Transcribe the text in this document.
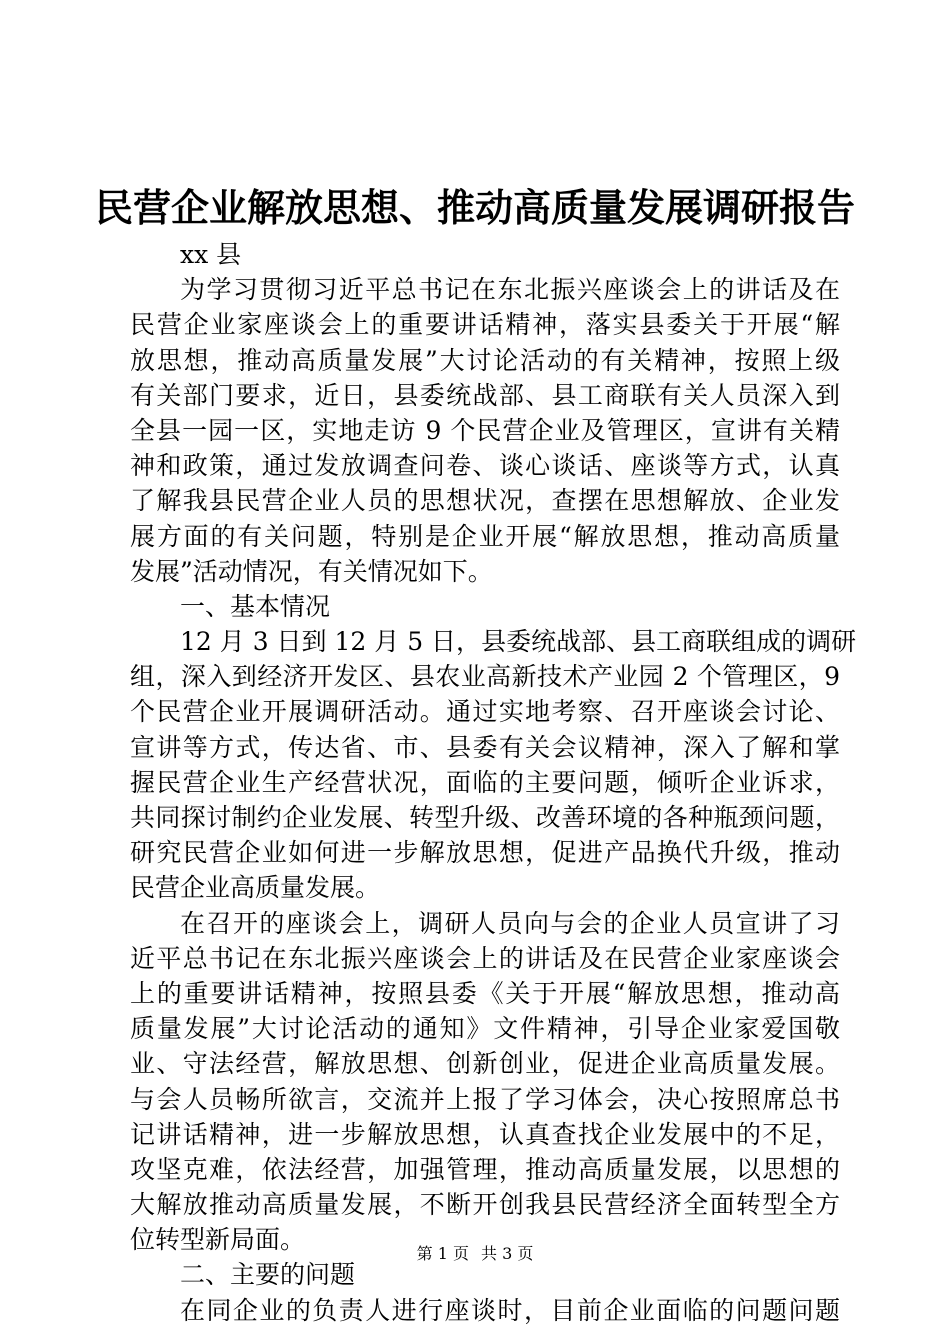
民营企业解放思想、推动高质量发展调研报告
xx 县
为学习贯彻习近平总书记在东北振兴座谈会上的讲话及在
民营企业家座谈会上的重要讲话精神，落实县委关于开展“解
放思想，推动高质量发展”大讨论活动的有关精神，按照上级
有关部门要求，近日，县委统战部、县工商联有关人员深入到
全县一园一区，实地走访 9 个民营企业及管理区，宣讲有关精
神和政策，通过发放调查问卷、谈心谈话、座谈等方式，认真
了解我县民营企业人员的思想状况，查摆在思想解放、企业发
展方面的有关问题，特别是企业开展“解放思想，推动高质量
发展”活动情况，有关情况如下。
一、基本情况
12 月 3 日到 12 月 5 日，县委统战部、县工商联组成的调研
组，深入到经济开发区、县农业高新技术产业园 2 个管理区，9
个民营企业开展调研活动。通过实地考察、召开座谈会讨论、
宣讲等方式，传达省、市、县委有关会议精神，深入了解和掌
握民营企业生产经营状况，面临的主要问题，倾听企业诉求，
共同探讨制约企业发展、转型升级、改善环境的各种瓶颈问题，
研究民营企业如何进一步解放思想，促进产品换代升级，推动
民营企业高质量发展。
在召开的座谈会上，调研人员向与会的企业人员宣讲了习
近平总书记在东北振兴座谈会上的讲话及在民营企业家座谈会
上的重要讲话精神，按照县委《关于开展“解放思想，推动高
质量发展”大讨论活动的通知》文件精神，引导企业家爱国敬
业、守法经营，解放思想、创新创业，促进企业高质量发展。
与会人员畅所欲言，交流并上报了学习体会，决心按照席总书
记讲话精神，进一步解放思想，认真查找企业发展中的不足，
攻坚克难，依法经营，加强管理，推动高质量发展，以思想的
大解放推动高质量发展，不断开创我县民营经济全面转型全方
位转型新局面。
二、主要的问题
在同企业的负责人进行座谈时，目前企业面临的问题问题
第 1 页 共 3 页
